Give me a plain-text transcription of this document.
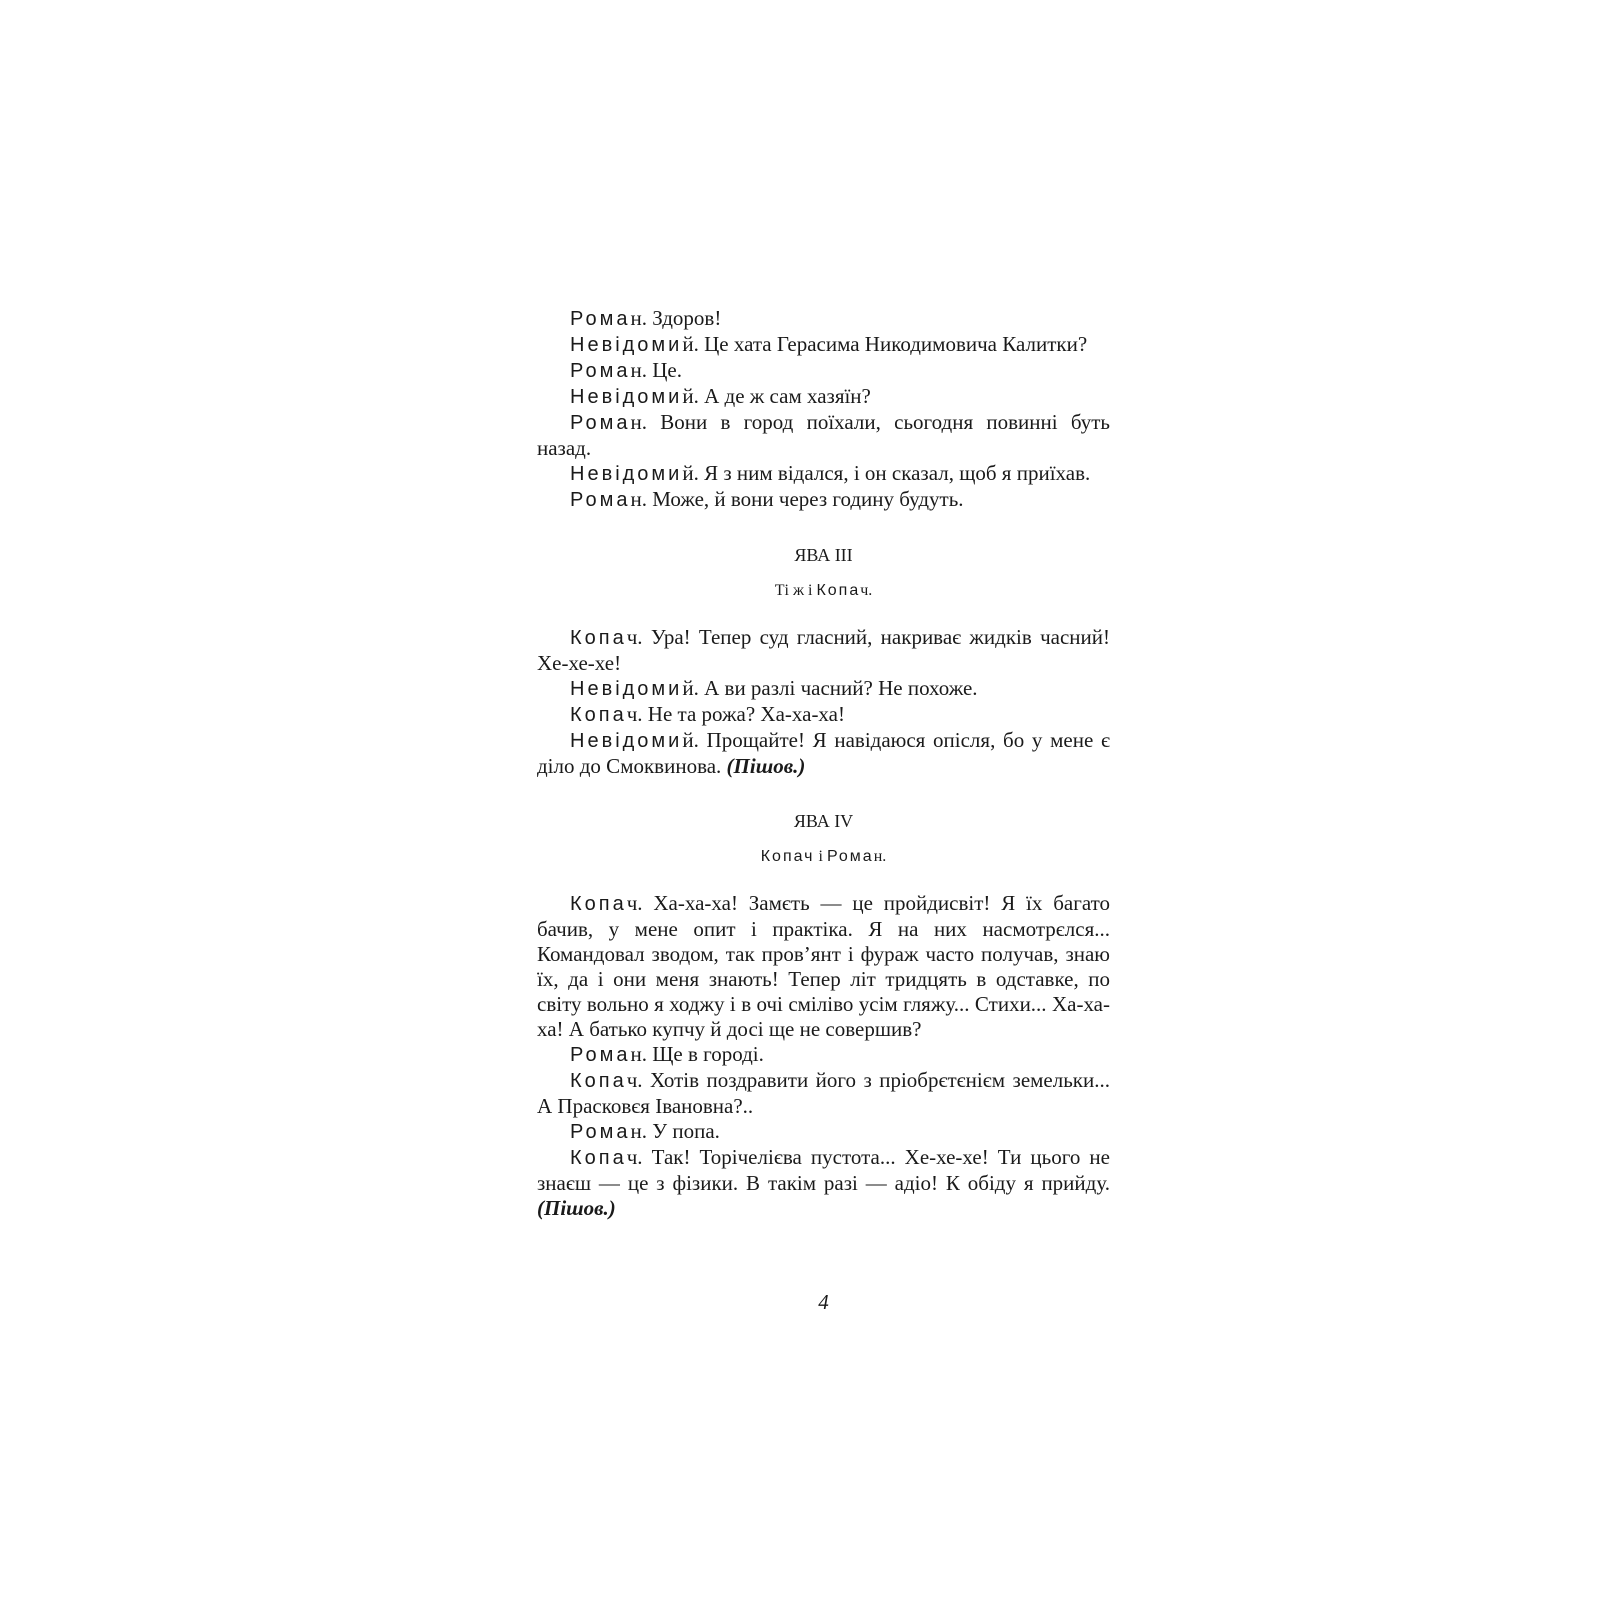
Роман. Здоров!
Невідомий. Це хата Герасима Никодимовича Калитки?
Роман. Це.
Невідомий. А де ж сам хазяїн?
Роман. Вони в город поїхали, сьогодня повинні буть назад.
Невідомий. Я з ним відался, і он сказал, щоб я приїхав.
Роман. Може, й вони через годину будуть.
ЯВА ІІІ
Ті ж і Копач.
Копач. Ура! Тепер суд гласний, накриває жидків часний! Хе-хе-хе!
Невідомий. А ви разлі часний? Не похоже.
Копач. Не та рожа? Ха-ха-ха!
Невідомий. Прощайте! Я навідаюся опісля, бо у мене є діло до Смоквинова. (Пішов.)
ЯВА ІV
Копач і Роман.
Копач. Ха-ха-ха! Замєть — це пройдисвіт! Я їх багато бачив, у мене опит і практіка. Я на них насмотрєлся... Командовал зводом, так пров’янт і фураж часто получав, знаю їх, да і они меня знають! Тепер літ тридцять в одставке, по світу вольно я ходжу і в очі сміліво усім гляжу... Стихи... Ха-ха-ха! А батько купчу й досі ще не совершив?
Роман. Ще в городі.
Копач. Хотів поздравити його з пріобрєтєнієм земельки... А Прасковєя Івановна?..
Роман. У попа.
Копач. Так! Торічелієва пустота... Хе-хе-хе! Ти цього не знаєш — це з фізики. В такім разі — адіо! К обіду я прийду. (Пішов.)
4
